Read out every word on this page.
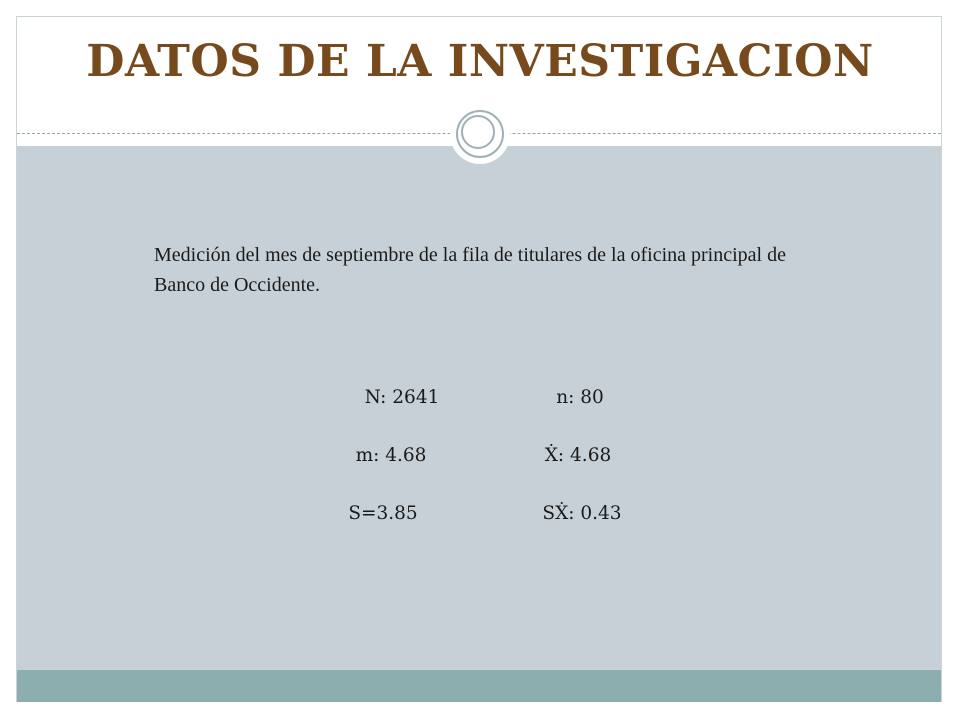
DATOS DE LA INVESTIGACION

Medición del mes de septiembre de la fila de titulares de la oficina principal de Banco de Occidente.

N: 2641	n: 80
m: 4.68	Ẋ: 4.68
S=3.85	SẊ: 0.43
